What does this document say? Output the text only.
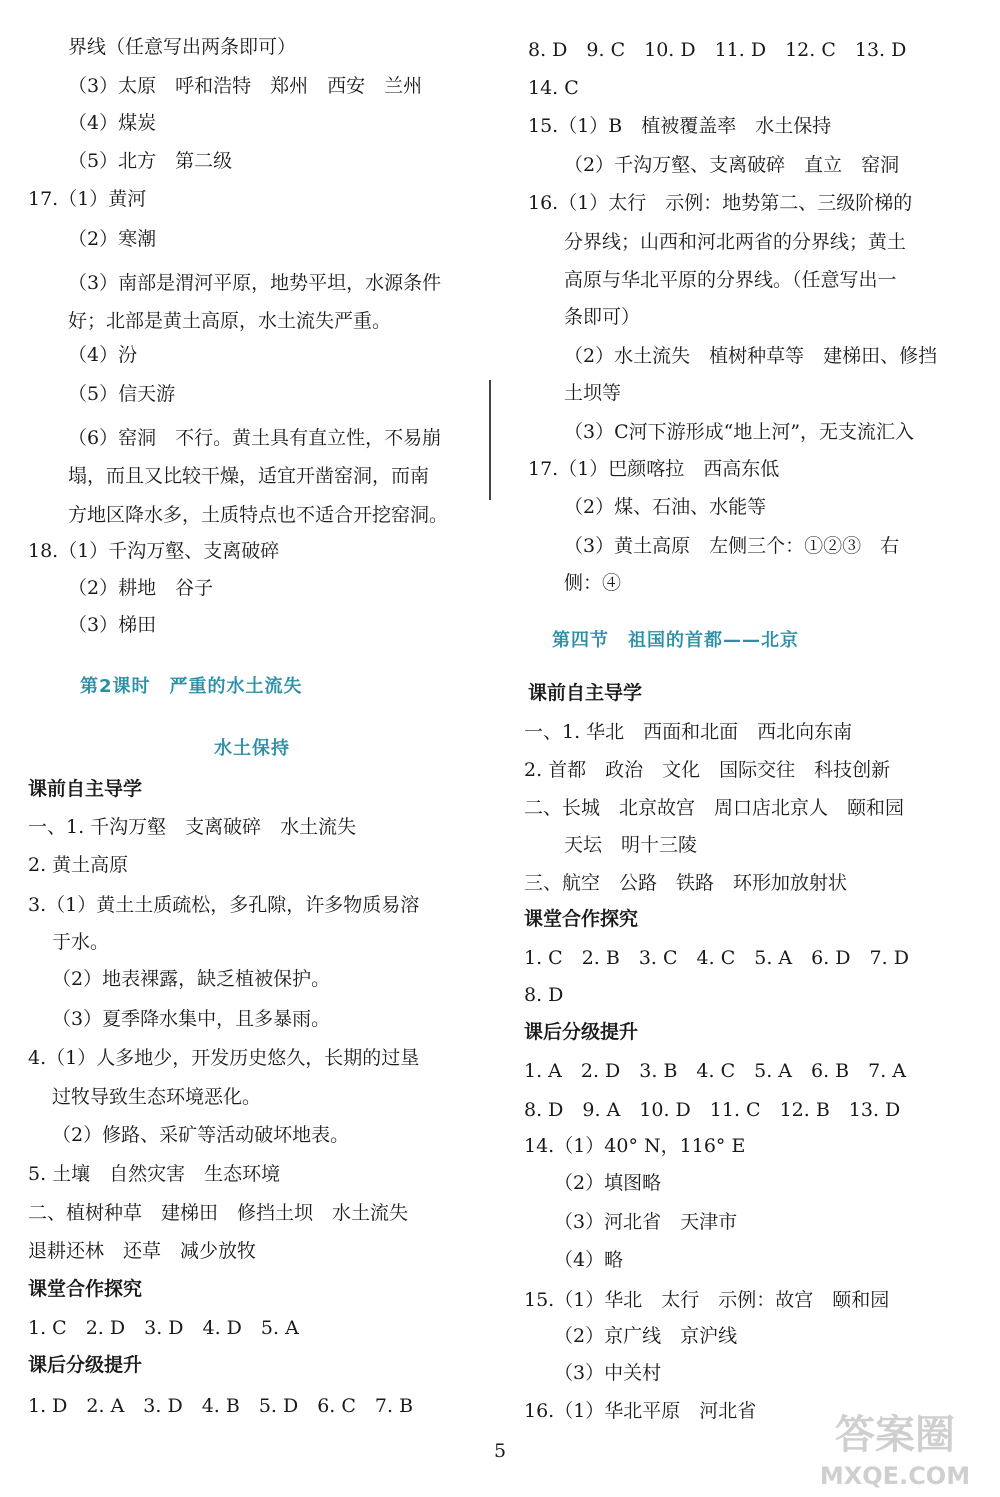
界线（任意写出两条即可）
（3）太原　呼和浩特　郑州　西安　兰州
（4）煤炭
（5）北方　第二级
17.（1）黄河
（2）寒潮
（3）南部是渭河平原，地势平坦，水源条件
好；北部是黄土高原，水土流失严重。
（4）汾
（5）信天游
（6）窑洞　不行。黄土具有直立性，不易崩
塌，而且又比较干燥，适宜开凿窑洞，而南
方地区降水多，土质特点也不适合开挖窑洞。
18.（1）千沟万壑、支离破碎
（2）耕地　谷子
（3）梯田
第2课时　严重的水土流失
水土保持
课前自主导学
一、1. 千沟万壑　支离破碎　水土流失
2. 黄土高原
3.（1）黄土土质疏松，多孔隙，许多物质易溶
于水。
（2）地表裸露，缺乏植被保护。
（3）夏季降水集中，且多暴雨。
4.（1）人多地少，开发历史悠久，长期的过垦
过牧导致生态环境恶化。
（2）修路、采矿等活动破坏地表。
5. 土壤　自然灾害　生态环境
二、植树种草　建梯田　修挡土坝　水土流失
退耕还林　还草　减少放牧
课堂合作探究
1. C　2. D　3. D　4. D　5. A
课后分级提升
1. D　2. A　3. D　4. B　5. D　6. C　7. B
8. D　9. C　10. D　11. D　12. C　13. D
14. C
15.（1）B　植被覆盖率　水土保持
（2）千沟万壑、支离破碎　直立　窑洞
16.（1）太行　示例：地势第二、三级阶梯的
分界线；山西和河北两省的分界线；黄土
高原与华北平原的分界线。（任意写出一
条即可）
（2）水土流失　植树种草等　建梯田、修挡
土坝等
（3）C河下游形成“地上河”，无支流汇入
17.（1）巴颜喀拉　西高东低
（2）煤、石油、水能等
（3）黄土高原　左侧三个：①②③　右
侧：④
第四节　祖国的首都——北京
课前自主导学
一、1. 华北　西面和北面　西北向东南
2. 首都　政治　文化　国际交往　科技创新
二、长城　北京故宫　周口店北京人　颐和园
天坛　明十三陵
三、航空　公路　铁路　环形加放射状
课堂合作探究
1. C　2. B　3. C　4. C　5. A　6. D　7. D
8. D
课后分级提升
1. A　2. D　3. B　4. C　5. A　6. B　7. A
8. D　9. A　10. D　11. C　12. B　13. D
14.（1）40° N，116° E
（2）填图略
（3）河北省　天津市
（4）略
15.（1）华北　太行　示例：故宫　颐和园
（2）京广线　京沪线
（3）中关村
16.（1）华北平原　河北省
5	答案圈
MXQE.COM
